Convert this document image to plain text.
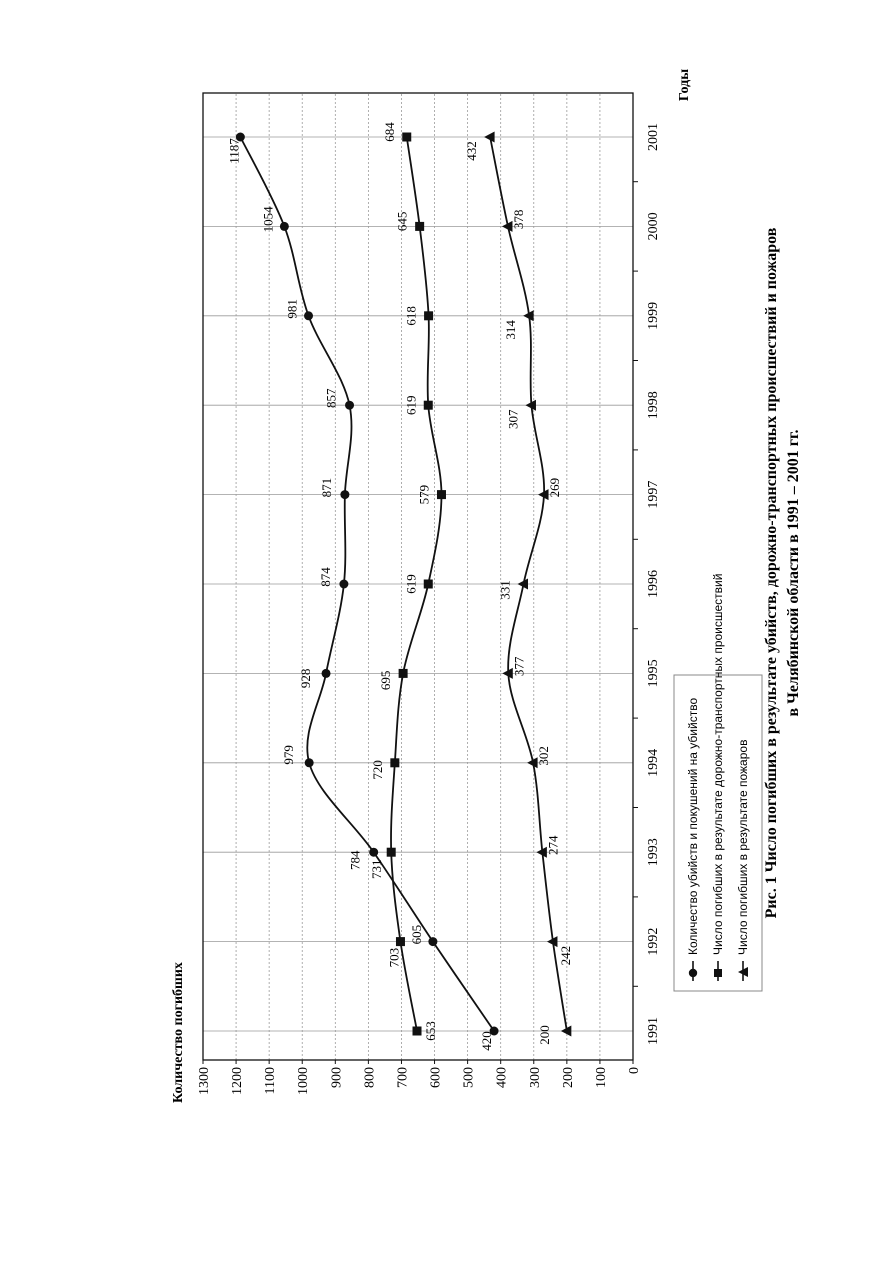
0
100
200
300
400
500
600
700
800
900
1000
1100
1200
1300
1991
1992
1993
1994
1995
1996
1997
1998
1999
2000
2001
420
605
784
979
928
874
871
857
981
1054
1187
653
703
731
720
695
619
579
619
618
645
684
200
242
274
302
377
331
269
307
314
378
432
Количество погибших
Годы
Количество убийств и покушений на убийство Число погибших в результате дорожно-транспортных происшествий Число погибших в результате пожаров Рис. 1 Число погибших в результате убийств, дорожно-транспортных происшествий и пожаров в Челябинской области в 1991 – 2001 гг.
